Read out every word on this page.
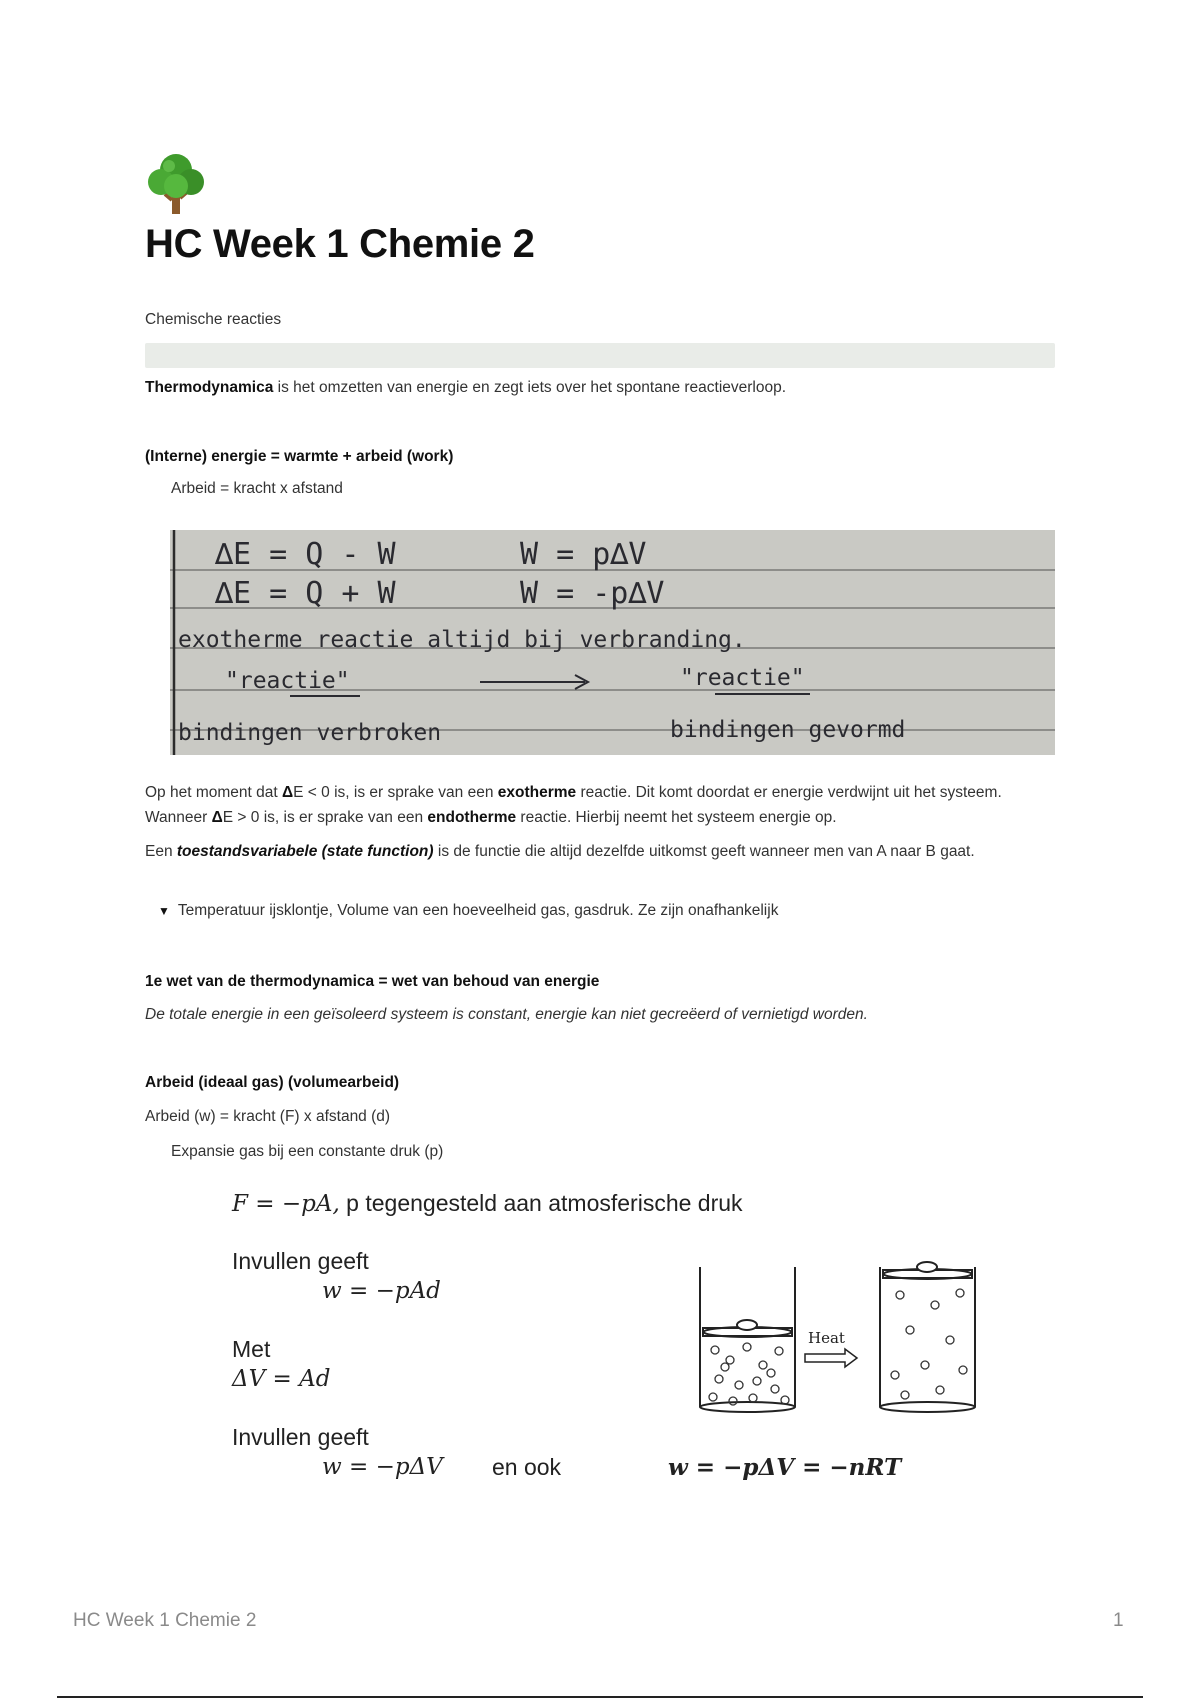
HC Week 1 Chemie 2

Chemische reacties

Thermodynamica is het omzetten van energie en zegt iets over het spontane reactieverloop.

(Interne) energie = warmte + arbeid (work)

Arbeid = kracht x afstand

∆E = Q - W	W = p∆V
∆E = Q + W	W = -p∆V
exotherme reactie altijd bij verbranding.
"reactie"	"reactie"
bindingen verbroken	bindingen gevormd

Op het moment dat ΔE < 0 is, is er sprake van een exotherme reactie. Dit komt doordat er energie verdwijnt uit het systeem. Wanneer ΔE > 0 is, is er sprake van een endotherme reactie. Hierbij neemt het systeem energie op.

Een toestandsvariabele (state function) is de functie die altijd dezelfde uitkomst geeft wanneer men van A naar B gaat.

▼ Temperatuur ijsklontje, Volume van een hoeveelheid gas, gasdruk. Ze zijn onafhankelijk

1e wet van de thermodynamica = wet van behoud van energie

De totale energie in een geïsoleerd systeem is constant, energie kan niet gecreëerd of vernietigd worden.

Arbeid (ideaal gas) (volumearbeid)

Arbeid (w) = kracht (F) x afstand (d)

Expansie gas bij een constante druk (p)

F = −pA, p tegengesteld aan atmosferische druk
Invullen geeft
w = −pAd
Met
ΔV = Ad
Invullen geeft
w = −pΔV en ook	w = −pΔV = −nRT
Heat
HC Week 1 Chemie 2	1
